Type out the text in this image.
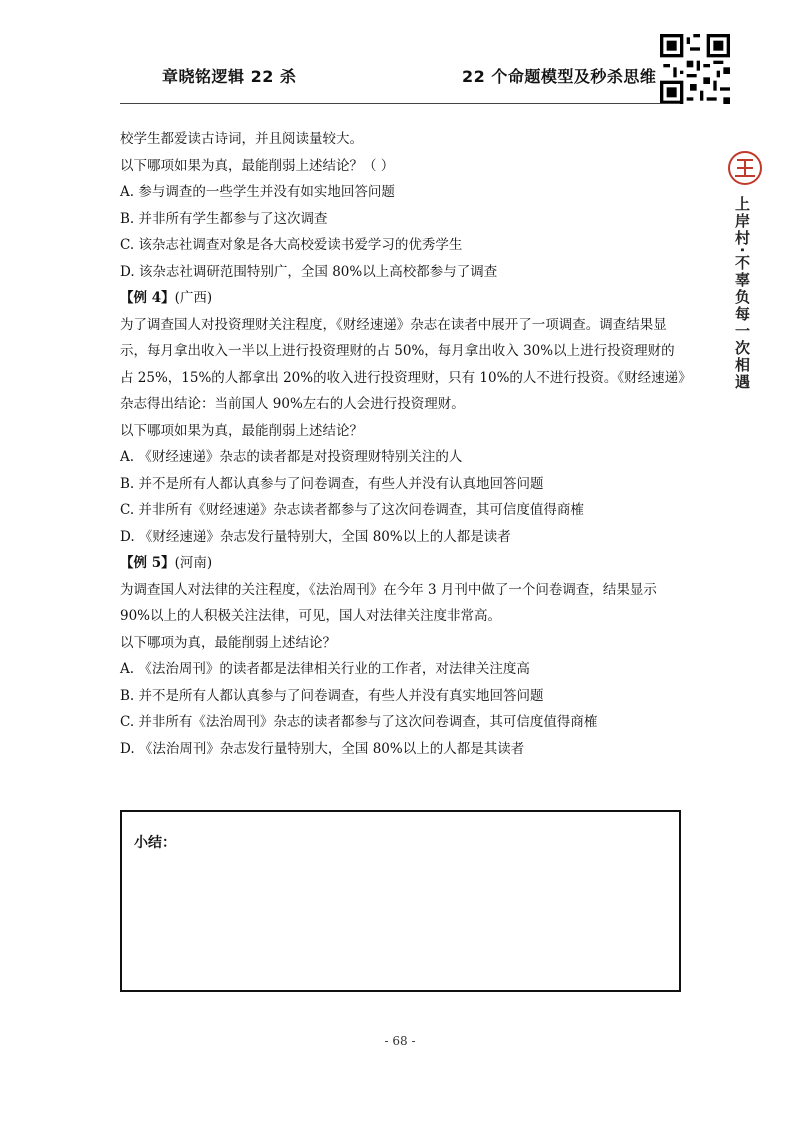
章晓铭逻辑 22 杀	22 个命题模型及秒杀思维
上岸村·不辜负每一次相遇

校学生都爱读古诗词，并且阅读量较大。

以下哪项如果为真，最能削弱上述结论？（ ）

A. 参与调查的一些学生并没有如实地回答问题

B. 并非所有学生都参与了这次调查

C. 该杂志社调查对象是各大高校爱读书爱学习的优秀学生

D. 该杂志社调研范围特别广，全国 80%以上高校都参与了调查

【例 4】(广西)

为了调查国人对投资理财关注程度，《财经速递》杂志在读者中展开了一项调查。调查结果显示，每月拿出收入一半以上进行投资理财的占 50%，每月拿出收入 30%以上进行投资理财的占 25%，15%的人都拿出 20%的收入进行投资理财，只有 10%的人不进行投资。《财经速递》杂志得出结论：当前国人 90%左右的人会进行投资理财。

以下哪项如果为真，最能削弱上述结论？

A. 《财经速递》杂志的读者都是对投资理财特别关注的人

B. 并不是所有人都认真参与了问卷调查，有些人并没有认真地回答问题

C. 并非所有《财经速递》杂志读者都参与了这次问卷调查，其可信度值得商榷

D. 《财经速递》杂志发行量特别大，全国 80%以上的人都是读者

【例 5】(河南)

为调查国人对法律的关注程度，《法治周刊》在今年 3 月刊中做了一个问卷调查，结果显示 90%以上的人积极关注法律，可见，国人对法律关注度非常高。

以下哪项为真，最能削弱上述结论？

A. 《法治周刊》的读者都是法律相关行业的工作者，对法律关注度高

B. 并不是所有人都认真参与了问卷调查，有些人并没有真实地回答问题

C. 并非所有《法治周刊》杂志的读者都参与了这次问卷调查，其可信度值得商榷

D. 《法治周刊》杂志发行量特别大，全国 80%以上的人都是其读者

小结：
- 68 -
